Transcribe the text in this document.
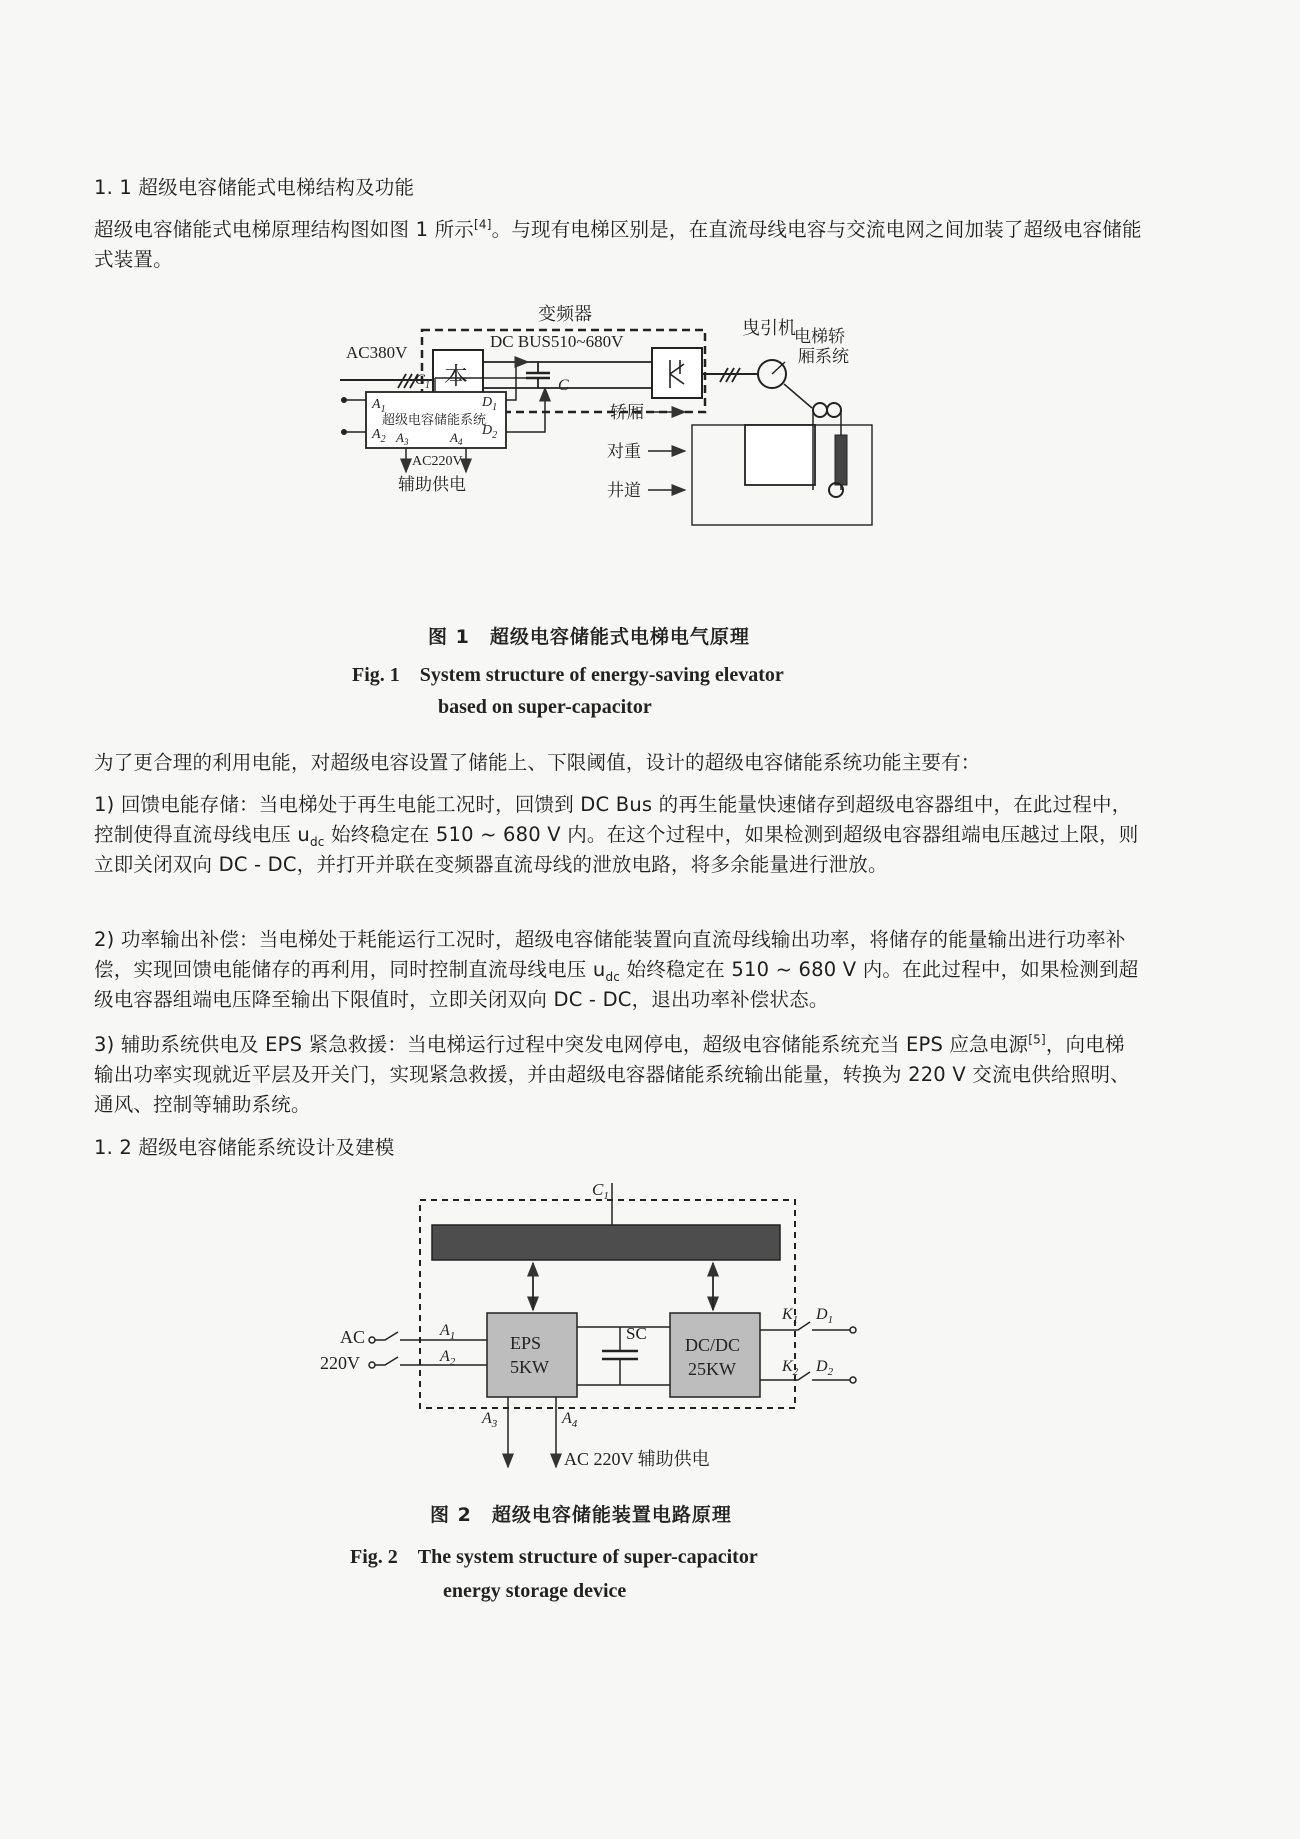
1. 1 超级电容储能式电梯结构及功能

超级电容储能式电梯原理结构图如图 1 所示[4]。与现有电梯区别是，在直流母线电容与交流电网之间加装了超级电容储能式装置。

变频器
DC BUS510~680V
AC380V
本	C
曳引机
电梯轿
厢系统
轿厢
对重
井道
超级电容储能系统
$C_1$
$A_1$
$A_2$
$D_1$
$D_2$
$A_3$	$A_4$
AC220V
辅助供电

图 1　超级电容储能式电梯电气原理

Fig. 1　System structure of energy-saving elevator

based on super-capacitor

为了更合理的利用电能，对超级电容设置了储能上、下限阈值，设计的超级电容储能系统功能主要有：

1) 回馈电能存储：当电梯处于再生电能工况时，回馈到 DC Bus 的再生能量快速储存到超级电容器组中，在此过程中，控制使得直流母线电压 $u_{dc}$ 始终稳定在 510 ~ 680 V 内。在这个过程中，如果检测到超级电容器组端电压越过上限，则立即关闭双向 DC - DC，并打开并联在变频器直流母线的泄放电路，将多余能量进行泄放。

2) 功率输出补偿：当电梯处于耗能运行工况时，超级电容储能装置向直流母线输出功率，将储存的能量输出进行功率补偿，实现回馈电能储存的再利用，同时控制直流母线电压 $u_{dc}$ 始终稳定在 510 ~ 680 V 内。在此过程中，如果检测到超级电容器组端电压降至输出下限值时，立即关闭双向 DC - DC，退出功率补偿状态。

3) 辅助系统供电及 EPS 紧急救援：当电梯运行过程中突发电网停电，超级电容储能系统充当 EPS 应急电源[5]，向电梯输出功率实现就近平层及开关门，实现紧急救援，并由超级电容器储能系统输出能量，转换为 220 V 交流电供给照明、通风、控制等辅助系统。

1. 2 超级电容储能系统设计及建模

$C_1$
EPS
5KW
DC/DC
25KW
SC
AC
220V
$A_1$
$A_2$
$K_1$
$K_2$
$D_1$
$D_2$
$A_3$	$A_4$
AC 220V 辅助供电

图 2　超级电容储能装置电路原理

Fig. 2　The system structure of super-capacitor

energy storage device
